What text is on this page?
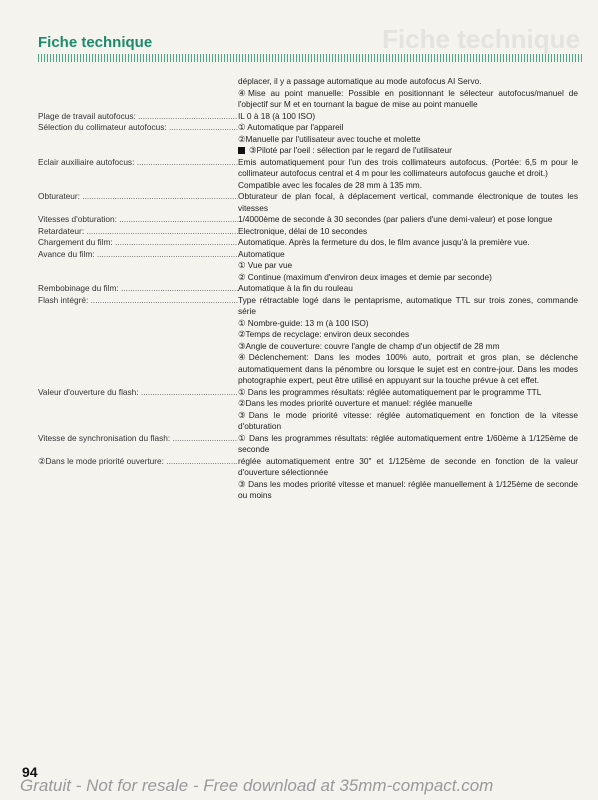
Fiche technique
Fiche technique
déplacer, il y a passage automatique au mode autofocus AI Servo.
④Mise au point manuelle: Possible en positionnant le sélecteur autofocus/manuel de l'objectif sur M et en tournant la bague de mise au point manuelle
Plage de travail autofocus: .....	IL 0 à 18 (à 100 ISO)
Sélection du collimateur autofocus: .....	① Automatique par l'appareil
②Manuelle par l'utilisateur avec touche et molette
③Piloté par l'oeil : sélection par le regard de l'utilisateur
Eclair auxiliaire autofocus: .....	Emis automatiquement pour l'un des trois collimateurs autofocus. (Portée: 6,5 m pour le collimateur autofocus central et 4 m pour les collimateurs autofocus gauche et droit.)
Compatible avec les focales de 28 mm à 135 mm.
Obturateur: .....	Obturateur de plan focal, à déplacement vertical, commande électronique de toutes les vitesses
Vitesses d'obturation: .....	1/4000ème de seconde à 30 secondes (par paliers d'une demi-valeur) et pose longue
Retardateur: .....	Electronique, délai de 10 secondes
Chargement du film: .....	Automatique. Après la fermeture du dos, le film avance jusqu'à la première vue.
Avance du film: .....	Automatique
① Vue par vue
② Continue (maximum d'environ deux images et demie par seconde)
Rembobinage du film: .....	Automatique à la fin du rouleau
Flash intégré: .....	Type rétractable logé dans le pentaprisme, automatique TTL sur trois zones, commande série
① Nombre-guide: 13 m (à 100 ISO)
②Temps de recyclage: environ deux secondes
③Angle de couverture: couvre l'angle de champ d'un objectif de 28 mm
④Déclenchement: Dans les modes 100% auto, portrait et gros plan, se déclenche automatiquement dans la pénombre ou lorsque le sujet est en contre-jour. Dans les modes photographie expert, peut être utilisé en appuyant sur la touche prévue à cet effet.
Valeur d'ouverture du flash: .....	① Dans les programmes résultats: réglée automatiquement par le programme TTL
②Dans les modes priorité ouverture et manuel: réglée manuelle
③Dans le mode priorité vitesse: réglée automatiquement en fonction de la vitesse d'obturation
Vitesse de synchronisation du flash: .....	① Dans les programmes résultats: réglée automatiquement entre 1/60ème à 1/125ème de seconde
②Dans le mode priorité ouverture: .....	réglée automatiquement entre 30" et 1/125ème de seconde en fonction de la valeur d'ouverture sélectionnée
③ Dans les modes priorité vitesse et manuel: réglée manuellement à 1/125ème de seconde ou moins
94
Gratuit - Not for resale - Free download at 35mm-compact.com
